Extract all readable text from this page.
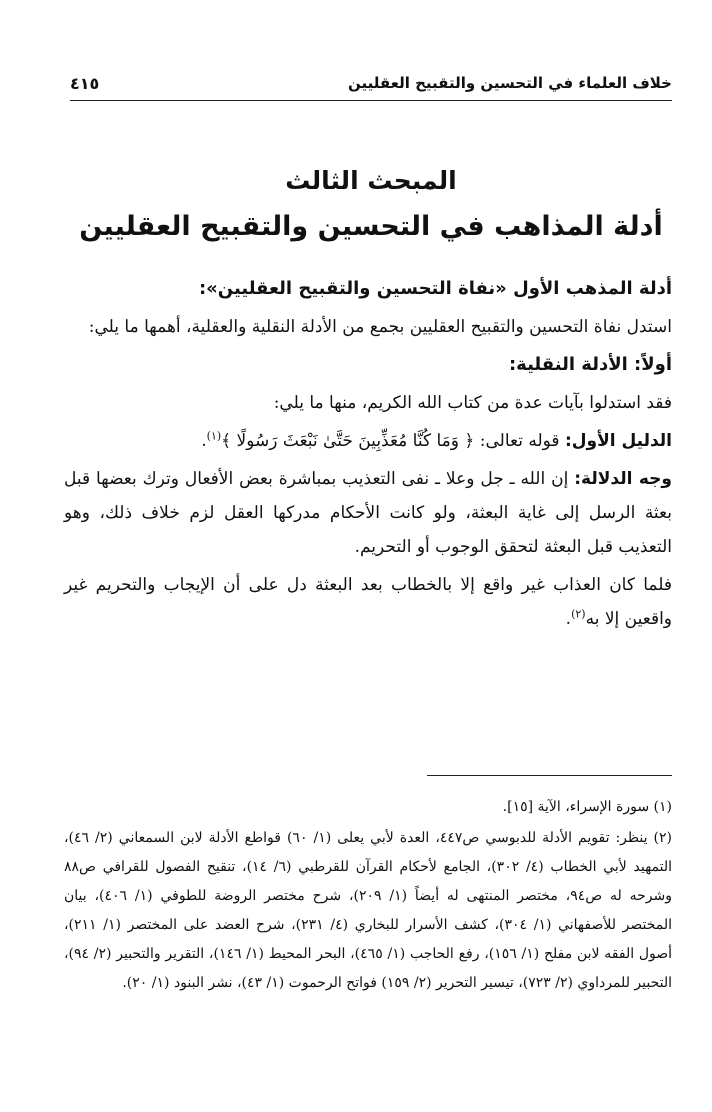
خلاف العلماء في التحسين والتقبيح العقليين
٤١٥
المبحث الثالث
أدلة المذاهب في التحسين والتقبيح العقليين

أدلة المذهب الأول «نفاة التحسين والتقبيح العقليين»:

استدل نفاة التحسين والتقبيح العقليين بجمع من الأدلة النقلية والعقلية، أهمها ما يلي:

أولاً: الأدلة النقلية:

فقد استدلوا بآيات عدة من كتاب الله الكريم، منها ما يلي:

الدليل الأول: قوله تعالى: ﴿ وَمَا كُنَّا مُعَذِّبِينَ حَتَّىٰ نَبْعَثَ رَسُولًا ﴾$^{(١)}$.

وجه الدلالة: إن الله ـ جل وعلا ـ نفى التعذيب بمباشرة بعض الأفعال وترك بعضها قبل بعثة الرسل إلى غاية البعثة، ولو كانت الأحكام مدركها العقل لزم خلاف ذلك، وهو التعذيب قبل البعثة لتحقق الوجوب أو التحريم.

فلما كان العذاب غير واقع إلا بالخطاب بعد البعثة دل على أن الإيجاب والتحريم غير واقعين إلا به$^{(٢)}$.

(١) سورة الإسراء، الآية [١٥].

(٢) ينظر: تقويم الأدلة للدبوسي ص٤٤٧، العدة لأبي يعلى (١/ ٦٠) قواطع الأدلة لابن السمعاني (٢/ ٤٦)، التمهيد لأبي الخطاب (٤/ ٣٠٢)، الجامع لأحكام القرآن للقرطبي (٦/ ١٤)، تنقيح الفصول للقرافي ص٨٨ وشرحه له ص٩٤، مختصر المنتهى له أيضاً (١/ ٢٠٩)، شرح مختصر الروضة للطوفي (١/ ٤٠٦)، بيان المختصر للأصفهاني (١/ ٣٠٤)، كشف الأسرار للبخاري (٤/ ٢٣١)، شرح العضد على المختصر (١/ ٢١١)، أصول الفقه لابن مفلح (١/ ١٥٦)، رفع الحاجب (١/ ٤٦٥)، البحر المحيط (١/ ١٤٦)، التقرير والتحبير (٢/ ٩٤)، التحبير للمرداوي (٢/ ٧٢٣)، تيسير التحرير (٢/ ١٥٩) فواتح الرحموت (١/ ٤٣)، نشر البنود (١/ ٢٠).
